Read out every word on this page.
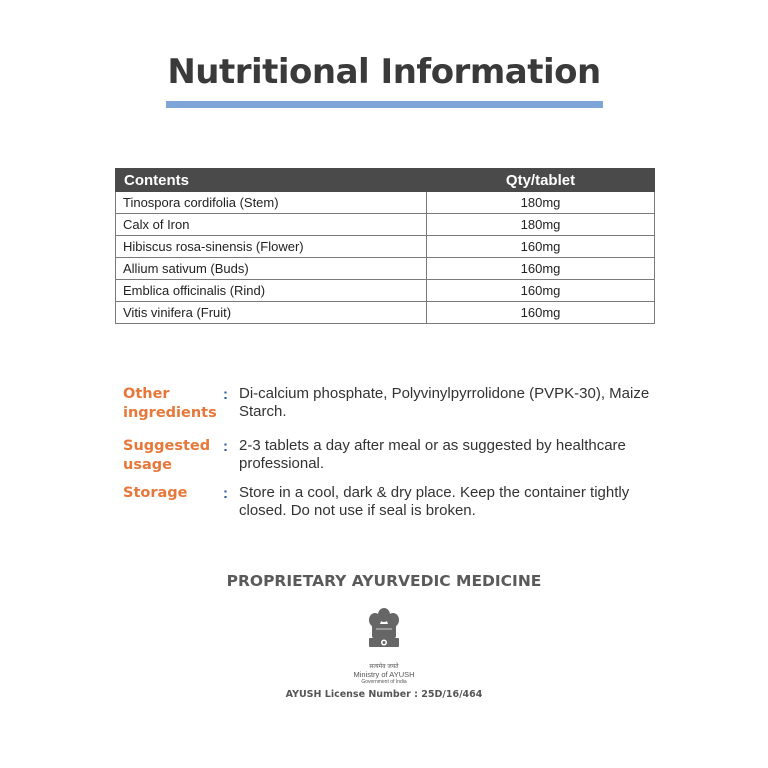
Nutritional Information
Contents	Qty/tablet
Tinospora cordifolia (Stem)	180mg
Calx of Iron	180mg
Hibiscus rosa-sinensis (Flower)	160mg
Allium sativum (Buds)	160mg
Emblica officinalis (Rind)	160mg
Vitis vinifera (Fruit)	160mg
Other
ingredients
: Di-calcium phosphate, Polyvinylpyrrolidone (PVPK-30), Maize Starch.
Suggested
usage
: 2-3 tablets a day after meal or as suggested by healthcare professional.
Storage	: Store in a cool, dark & dry place. Keep the container tightly closed. Do not use if seal is broken.
PROPRIETARY AYURVEDIC MEDICINE
सत्यमेव जयते
Ministry of AYUSH
Government of India
AYUSH License Number : 25D/16/464
